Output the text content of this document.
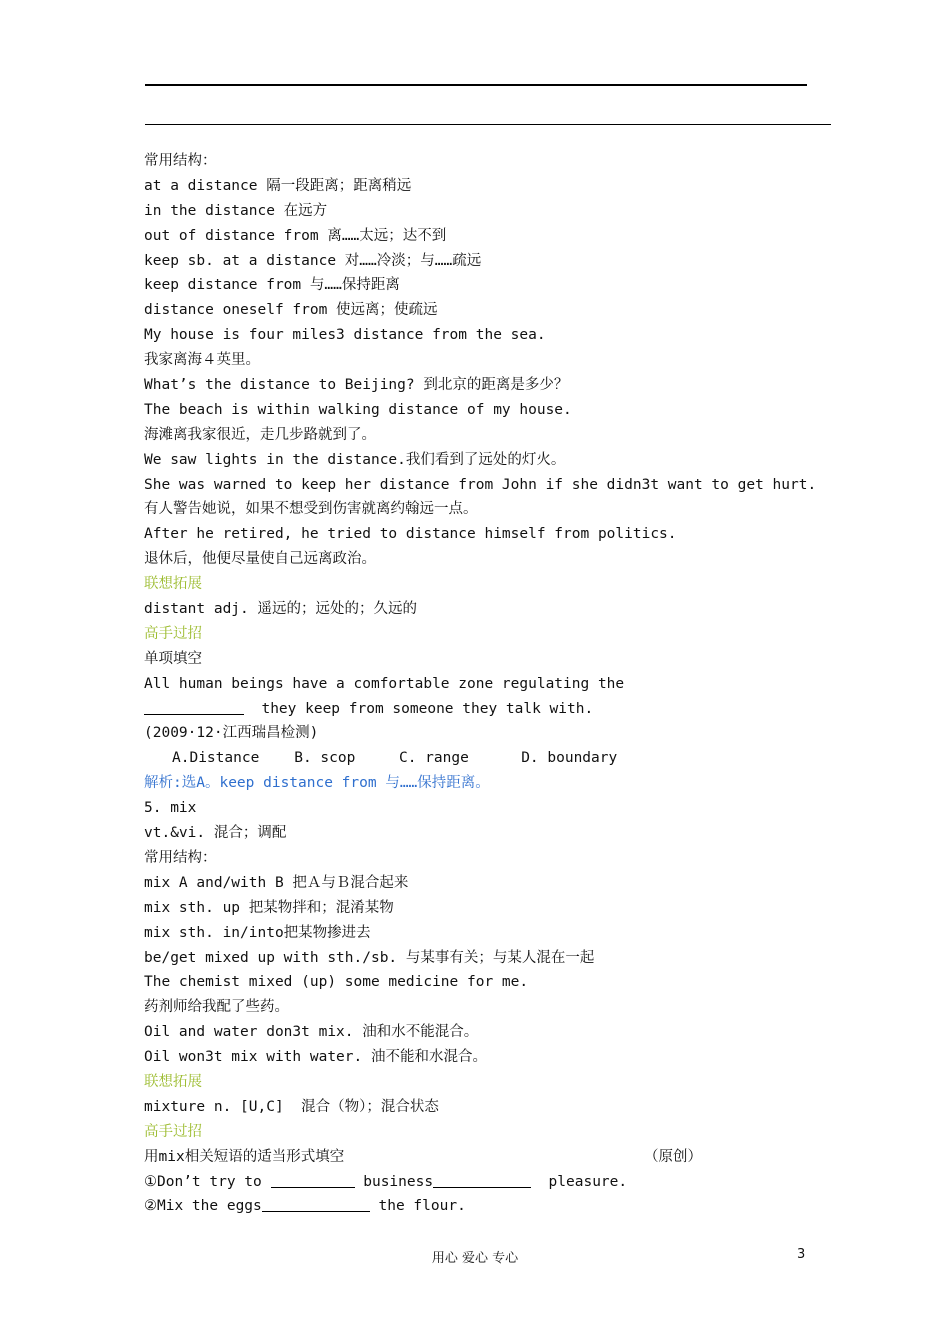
常用结构：
at a distance 隔一段距离；距离稍远
in the distance 在远方
out of distance from 离……太远；达不到
keep sb. at a distance 对……冷淡；与……疏远
keep distance from 与……保持距离
distance oneself from 使远离；使疏远
My house is four miles3 distance from the sea.
我家离海４英里。
What’s the distance to Beijing? 到北京的距离是多少？
The beach is within walking distance of my house.
海滩离我家很近，走几步路就到了。
We saw lights in the distance.我们看到了远处的灯火。
She was warned to keep her distance from John if she didn3t want to get hurt.
有人警告她说，如果不想受到伤害就离约翰远一点。
After he retired, he tried to distance himself from politics.
退休后，他便尽量使自己远离政治。
联想拓展
distant adj. 遥远的；远处的；久远的
高手过招
单项填空
All human beings have a comfortable zone regulating the
they keep from someone they talk with.
(2009·12·江西瑞昌检测)
A.Distance    B. scop     C. range      D. boundary
解析:选A。keep distance from 与……保持距离。
5. mix
vt.&vi. 混合；调配
常用结构：
mix A and/with B 把Ａ与Ｂ混合起来
mix sth. up 把某物拌和；混淆某物
mix sth. in/into把某物掺进去
be/get mixed up with sth./sb. 与某事有关；与某人混在一起
The chemist mixed (up) some medicine for me.
药剂师给我配了些药。
Oil and water don3t mix. 油和水不能混合。
Oil won3t mix with water. 油不能和水混合。
联想拓展
mixture n. [U,C]  混合（物）；混合状态
高手过招
用mix相关短语的适当形式填空	（原创）
①Don’t try to	business	pleasure.
②Mix the eggs	the flour.
用心 爱心 专心	3
